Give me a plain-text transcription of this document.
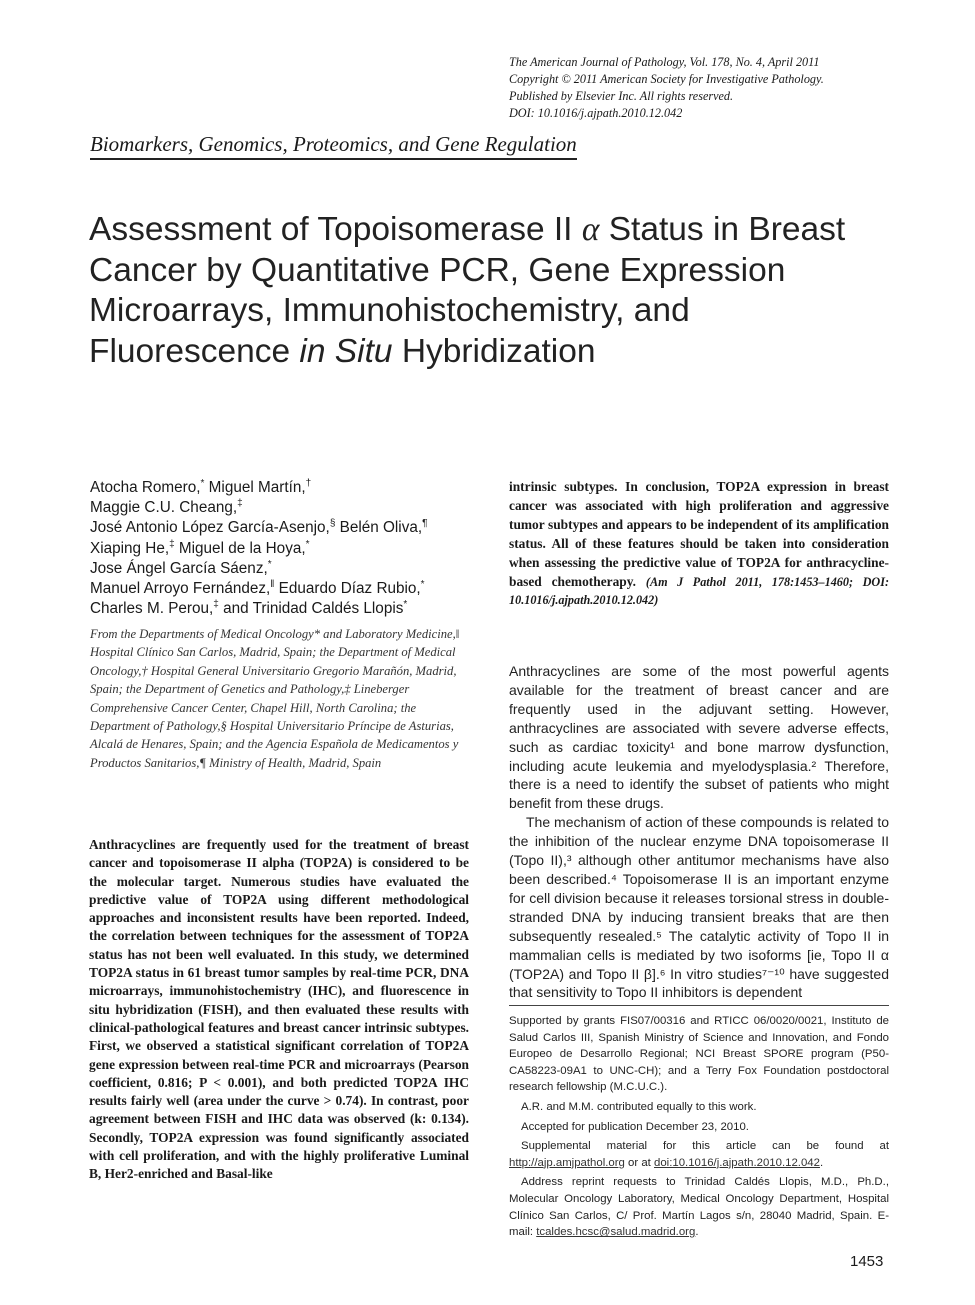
The American Journal of Pathology, Vol. 178, No. 4, April 2011
Copyright © 2011 American Society for Investigative Pathology.
Published by Elsevier Inc. All rights reserved.
DOI: 10.1016/j.ajpath.2010.12.042
Biomarkers, Genomics, Proteomics, and Gene Regulation
Assessment of Topoisomerase II α Status in Breast Cancer by Quantitative PCR, Gene Expression Microarrays, Immunohistochemistry, and Fluorescence in Situ Hybridization
Atocha Romero,* Miguel Martín,†
Maggie C.U. Cheang,‡
José Antonio López García-Asenjo,§ Belén Oliva,¶
Xiaping He,‡ Miguel de la Hoya,*
Jose Ángel García Sáenz,*
Manuel Arroyo Fernández,‖ Eduardo Díaz Rubio,*
Charles M. Perou,‡ and Trinidad Caldés Llopis*
From the Departments of Medical Oncology* and Laboratory Medicine,‖ Hospital Clínico San Carlos, Madrid, Spain; the Department of Medical Oncology,† Hospital General Universitario Gregorio Marañón, Madrid, Spain; the Department of Genetics and Pathology,‡ Lineberger Comprehensive Cancer Center, Chapel Hill, North Carolina; the Department of Pathology,§ Hospital Universitario Príncipe de Asturias, Alcalá de Henares, Spain; and the Agencia Española de Medicamentos y Productos Sanitarios,¶ Ministry of Health, Madrid, Spain
Anthracyclines are frequently used for the treatment of breast cancer and topoisomerase II alpha (TOP2A) is considered to be the molecular target. Numerous studies have evaluated the predictive value of TOP2A using different methodological approaches and inconsistent results have been reported. Indeed, the correlation between techniques for the assessment of TOP2A status has not been well evaluated. In this study, we determined TOP2A status in 61 breast tumor samples by real-time PCR, DNA microarrays, immunohistochemistry (IHC), and fluorescence in situ hybridization (FISH), and then evaluated these results with clinical-pathological features and breast cancer intrinsic subtypes. First, we observed a statistical significant correlation of TOP2A gene expression between real-time PCR and microarrays (Pearson coefficient, 0.816; P < 0.001), and both predicted TOP2A IHC results fairly well (area under the curve > 0.74). In contrast, poor agreement between FISH and IHC data was observed (k: 0.134). Secondly, TOP2A expression was found significantly associated with cell proliferation, and with the highly proliferative Luminal B, Her2-enriched and Basal-like
intrinsic subtypes. In conclusion, TOP2A expression in breast cancer was associated with high proliferation and aggressive tumor subtypes and appears to be independent of its amplification status. All of these features should be taken into consideration when assessing the predictive value of TOP2A for anthracycline-based chemotherapy. (Am J Pathol 2011, 178:1453–1460; DOI: 10.1016/j.ajpath.2010.12.042)

Anthracyclines are some of the most powerful agents available for the treatment of breast cancer and are frequently used in the adjuvant setting. However, anthracyclines are associated with severe adverse effects, such as cardiac toxicity¹ and bone marrow dysfunction, including acute leukemia and myelodysplasia.² Therefore, there is a need to identify the subset of patients who might benefit from these drugs.

The mechanism of action of these compounds is related to the inhibition of the nuclear enzyme DNA topoisomerase II (Topo II),³ although other antitumor mechanisms have also been described.⁴ Topoisomerase II is an important enzyme for cell division because it releases torsional stress in double-stranded DNA by inducing transient breaks that are then subsequently resealed.⁵ The catalytic activity of Topo II in mammalian cells is mediated by two isoforms [ie, Topo II α (TOP2A) and Topo II β].⁶ In vitro studies⁷⁻¹⁰ have suggested that sensitivity to Topo II inhibitors is dependent

Supported by grants FIS07/00316 and RTICC 06/0020/0021, Instituto de Salud Carlos III, Spanish Ministry of Science and Innovation, and Fondo Europeo de Desarrollo Regional; NCI Breast SPORE program (P50-CA58223-09A1 to UNC-CH); and a Terry Fox Foundation postdoctoral research fellowship (M.C.U.C.).

A.R. and M.M. contributed equally to this work.

Accepted for publication December 23, 2010.

Supplemental material for this article can be found at http://ajp.amjpathol.org or at doi:10.1016/j.ajpath.2010.12.042.

Address reprint requests to Trinidad Caldés Llopis, M.D., Ph.D., Molecular Oncology Laboratory, Medical Oncology Department, Hospital Clínico San Carlos, C/ Prof. Martín Lagos s/n, 28040 Madrid, Spain. E-mail: tcaldes.hcsc@salud.madrid.org.

1453
